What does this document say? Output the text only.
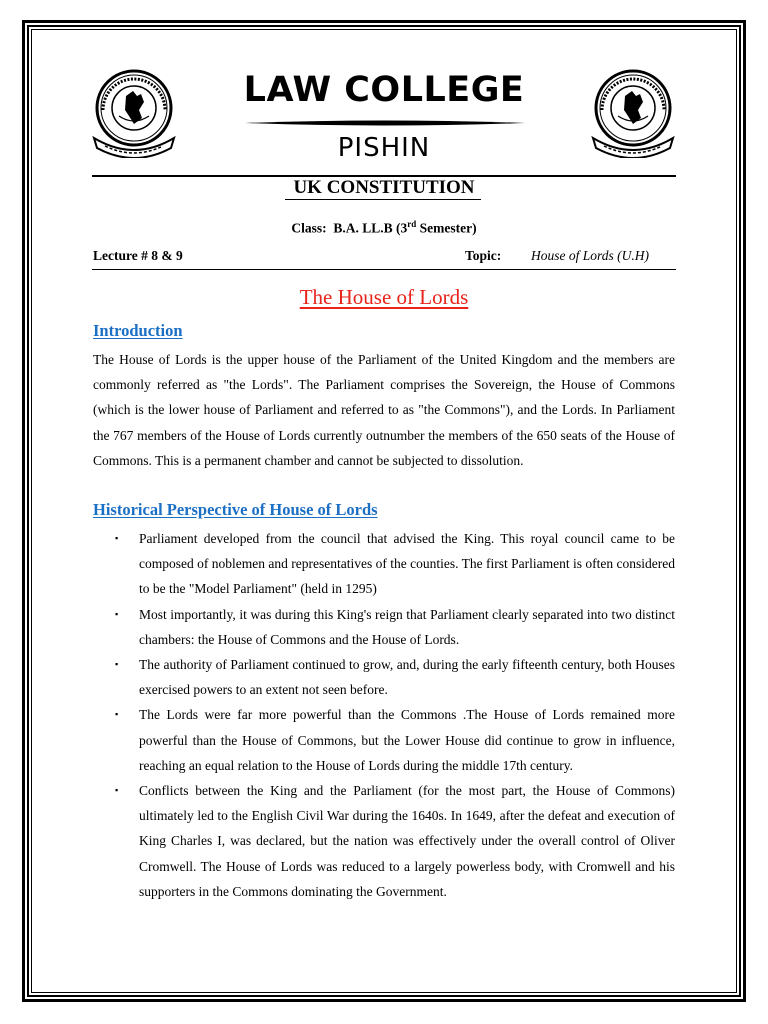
LAW COLLEGE
PISHIN
UK CONSTITUTION
Class: B.A. LL.B (3rd Semester)
Lecture # 8 & 9	Topic: House of Lords (U.H)
The House of Lords
Introduction
The House of Lords is the upper house of the Parliament of the United Kingdom and the members are commonly referred as "the Lords". The Parliament comprises the Sovereign, the House of Commons (which is the lower house of Parliament and referred to as "the Commons"), and the Lords. In Parliament the 767 members of the House of Lords currently outnumber the members of the 650 seats of the House of Commons. This is a permanent chamber and cannot be subjected to dissolution.
Historical Perspective of House of Lords
▪ Parliament developed from the council that advised the King. This royal council came to be composed of noblemen and representatives of the counties. The first Parliament is often considered to be the "Model Parliament" (held in 1295)
▪ Most importantly, it was during this King's reign that Parliament clearly separated into two distinct chambers: the House of Commons and the House of Lords.
▪ The authority of Parliament continued to grow, and, during the early fifteenth century, both Houses exercised powers to an extent not seen before.
▪ The Lords were far more powerful than the Commons .The House of Lords remained more powerful than the House of Commons, but the Lower House did continue to grow in influence, reaching an equal relation to the House of Lords during the middle 17th century.
▪ Conflicts between the King and the Parliament (for the most part, the House of Commons) ultimately led to the English Civil War during the 1640s. In 1649, after the defeat and execution of King Charles I, was declared, but the nation was effectively under the overall control of Oliver Cromwell. The House of Lords was reduced to a largely powerless body, with Cromwell and his supporters in the Commons dominating the Government.
